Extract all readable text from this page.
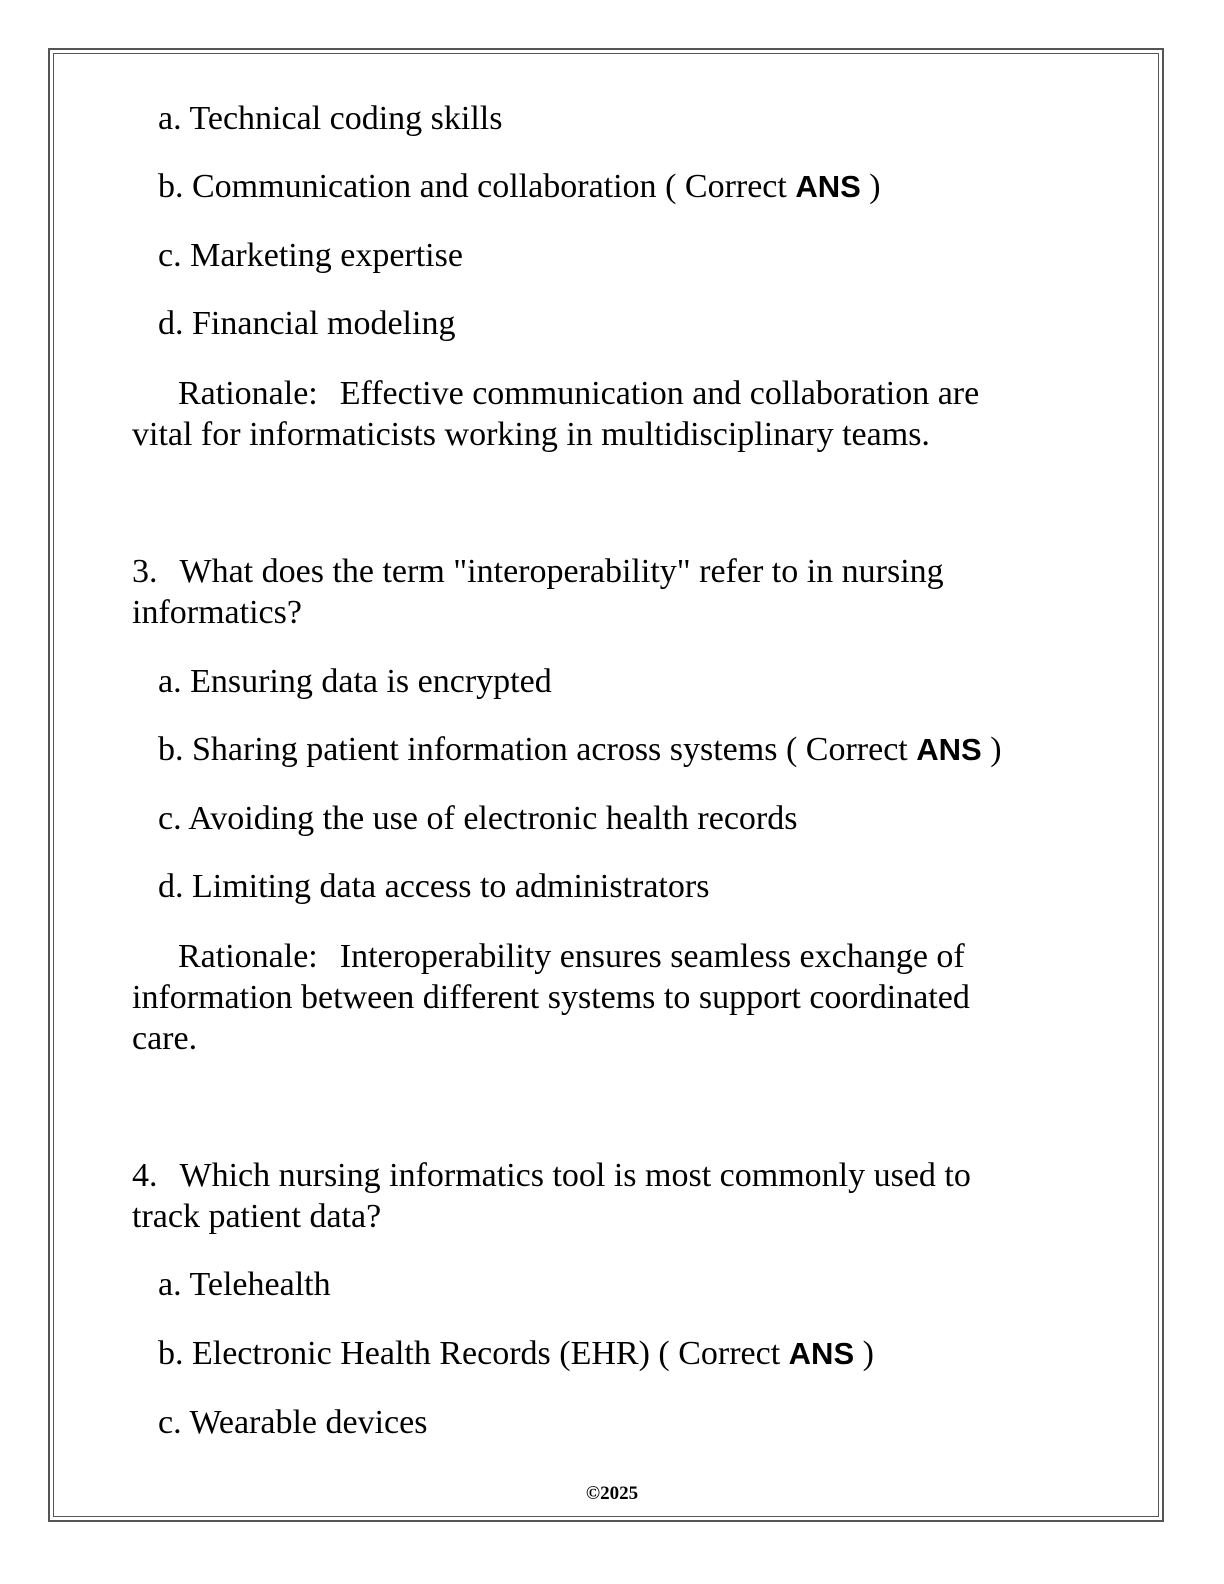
a. Technical coding skills
b. Communication and collaboration ( Correct ANS )
c. Marketing expertise
d. Financial modeling
Rationale: Effective communication and collaboration are
vital for informaticists working in multidisciplinary teams.
3. What does the term "interoperability" refer to in nursing
informatics?
a. Ensuring data is encrypted
b. Sharing patient information across systems ( Correct ANS )
c. Avoiding the use of electronic health records
d. Limiting data access to administrators
Rationale: Interoperability ensures seamless exchange of
information between different systems to support coordinated
care.
4. Which nursing informatics tool is most commonly used to
track patient data?
a. Telehealth
b. Electronic Health Records (EHR) ( Correct ANS )
c. Wearable devices
©2025
